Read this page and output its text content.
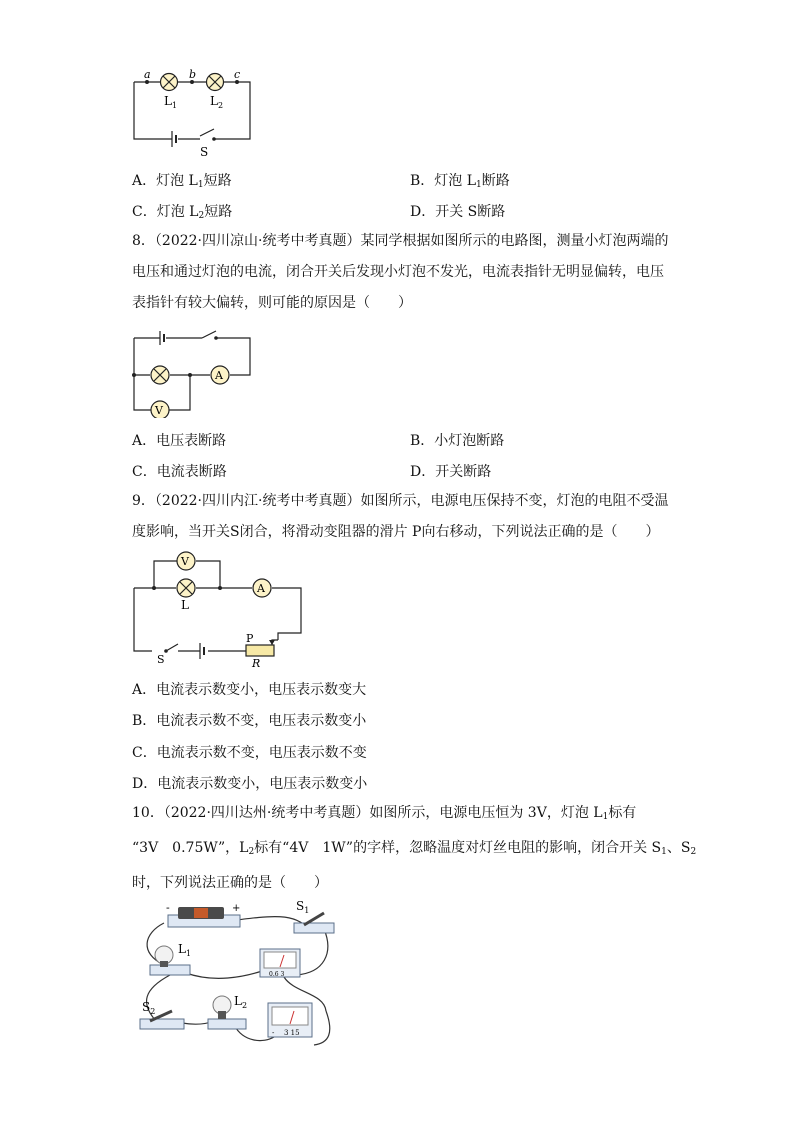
a	b	c
$L_1$	$L_2$
S
A．灯泡 $L_1$短路	B．灯泡 $L_1$断路
C．灯泡 $L_2$短路	D．开关 S断路
8．（2022·四川凉山·统考中考真题）某同学根据如图所示的电路图，测量小灯泡两端的
电压和通过灯泡的电流，闭合开关后发现小灯泡不发光，电流表指针无明显偏转，电压
表指针有较大偏转，则可能的原因是（　　）
A
V
A．电压表断路	B．小灯泡断路
C．电流表断路	D．开关断路
9．（2022·四川内江·统考中考真题）如图所示，电源电压保持不变，灯泡的电阻不受温
度影响，当开关S闭合，将滑动变阻器的滑片 P向右移动，下列说法正确的是（　　）
V
A
L
P
R
S
A．电流表示数变小，电压表示数变大
B．电流表示数不变，电压表示数变小
C．电流表示数不变，电压表示数不变
D．电流表示数变小，电压表示数变小
10．（2022·四川达州·统考中考真题）如图所示，电源电压恒为 3V，灯泡 $L_1$标有
“3V　0.75W”，$L_2$标有“4V　1W”的字样，忽略温度对灯丝电阻的影响，闭合开关 $S_1$、$S_2$
时，下列说法正确的是（　　）
-	+	$S_1$
$L_1$
0.6 3
$S_2$
$L_2$
- 3 15
